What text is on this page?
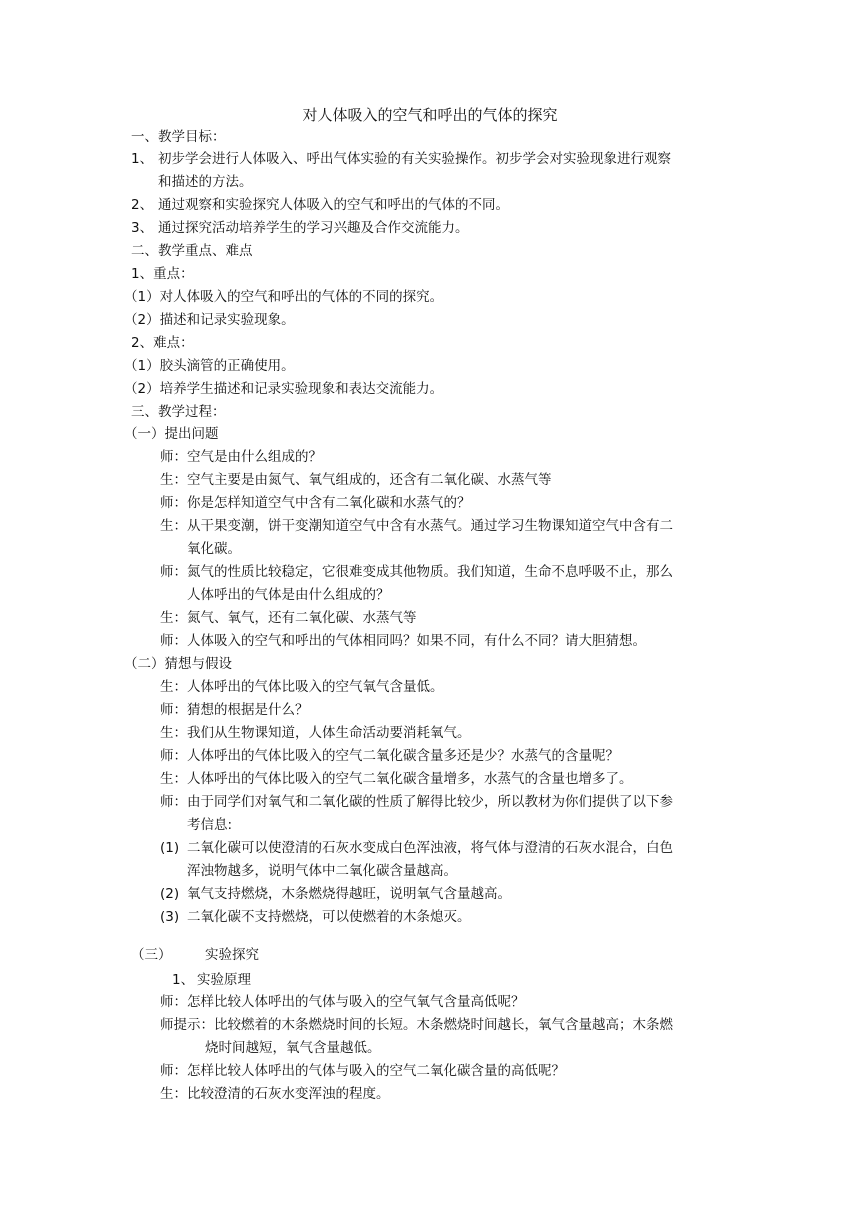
对人体吸入的空气和呼出的气体的探究
一、教学目标：
1、 初步学会进行人体吸入、呼出气体实验的有关实验操作。初步学会对实验现象进行观察
和描述的方法。
2、 通过观察和实验探究人体吸入的空气和呼出的气体的不同。
3、 通过探究活动培养学生的学习兴趣及合作交流能力。
二、教学重点、难点
1、重点：
（1）对人体吸入的空气和呼出的气体的不同的探究。
（2）描述和记录实验现象。
2、难点：
（1）胶头滴管的正确使用。
（2）培养学生描述和记录实验现象和表达交流能力。
三、教学过程：
（一）提出问题
师：空气是由什么组成的？
生：空气主要是由氮气、氧气组成的，还含有二氧化碳、水蒸气等
师：你是怎样知道空气中含有二氧化碳和水蒸气的？
生：从干果变潮，饼干变潮知道空气中含有水蒸气。通过学习生物课知道空气中含有二
氧化碳。
师：氮气的性质比较稳定，它很难变成其他物质。我们知道，生命不息呼吸不止，那么
人体呼出的气体是由什么组成的？
生：氮气、氧气，还有二氧化碳、水蒸气等
师：人体吸入的空气和呼出的气体相同吗？如果不同，有什么不同？请大胆猜想。
（二）猜想与假设
生：人体呼出的气体比吸入的空气氧气含量低。
师：猜想的根据是什么？
生：我们从生物课知道，人体生命活动要消耗氧气。
师：人体呼出的气体比吸入的空气二氧化碳含量多还是少？水蒸气的含量呢？
生：人体呼出的气体比吸入的空气二氧化碳含量增多，水蒸气的含量也增多了。
师：由于同学们对氧气和二氧化碳的性质了解得比较少，所以教材为你们提供了以下参
考信息:
(1) 二氧化碳可以使澄清的石灰水变成白色浑浊液，将气体与澄清的石灰水混合，白色
浑浊物越多，说明气体中二氧化碳含量越高。
(2) 氧气支持燃烧，木条燃烧得越旺，说明氧气含量越高。
(3) 二氧化碳不支持燃烧，可以使燃着的木条熄灭。
（三） 实验探究
1、 实验原理
师：怎样比较人体呼出的气体与吸入的空气氧气含量高低呢？
师提示：比较燃着的木条燃烧时间的长短。木条燃烧时间越长，氧气含量越高；木条燃
烧时间越短，氧气含量越低。
师：怎样比较人体呼出的气体与吸入的空气二氧化碳含量的高低呢？
生：比较澄清的石灰水变浑浊的程度。
